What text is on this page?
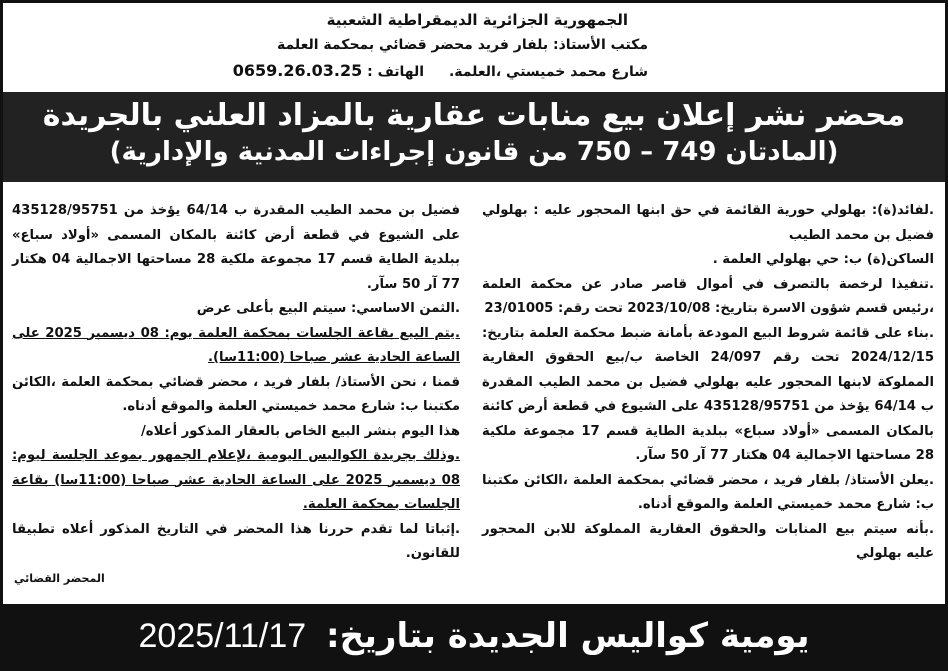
الجمهورية الجزائرية الديمقراطية الشعبية
مكتب الأستاذ: بلفار فريد محضر قضائي بمحكمة العلمة
شارع محمد خميستي ،العلمة. الهاتف : 0659.26.03.25
محضر نشر إعلان بيع منابات عقارية بالمزاد العلني بالجريدة
(المادتان 749 – 750 من قانون إجراءات المدنية والإدارية)

.لفائد(ة): بهلولي حورية القائمة في حق ابنها المحجور عليه : بهلولي فضيل بن محمد الطيب

الساكن(ة) ب: حي بهلولي العلمة .

.تنفيذا لرخصة بالتصرف في أموال قاصر صادر عن محكمة العلمة ،رئيس قسم شؤون الاسرة بتاريخ: 2023/10/08 تحت رقم: 23/01005

.بناء على قائمة شروط البيع المودعة بأمانة ضبط محكمة العلمة بتاريخ: 2024/12/15 تحت رقم 24/097 الخاصة ب/بيع الحقوق العقارية المملوكة لابنها المحجور عليه بهلولي فضيل بن محمد الطيب المقدرة ب 64/14 يؤخذ من 435128/95751 على الشيوع في قطعة أرض كائنة بالمكان المسمى «أولاد سباع» ببلدية الطاية قسم 17 مجموعة ملكية 28 مساحتها الاجمالية 04 هكتار 77 آر 50 سآر.

.يعلن الأستاذ/ بلفار فريد ، محضر قضائي بمحكمة العلمة ،الكائن مكتبنا ب: شارع محمد خميستي العلمة والموقع أدناه.

.بأنه سيتم بيع المنابات والحقوق العقارية المملوكة للابن المحجور عليه بهلولي

فضيل بن محمد الطيب المقدرة ب 64/14 يؤخذ من 435128/95751 على الشيوع في قطعة أرض كائنة بالمكان المسمى «أولاد سباع» ببلدية الطاية قسم 17 مجموعة ملكية 28 مساحتها الاجمالية 04 هكتار 77 آر 50 سآر.

.الثمن الاساسي: سيتم البيع بأعلى عرض

.يتم البيع بقاعة الجلسات بمحكمة العلمة يوم: 08 ديسمبر 2025 على الساعة الحادية عشر صباحا (11:00سا).

قمنا ، نحن الأستاذ/ بلفار فريد ، محضر قضائي بمحكمة العلمة ،الكائن مكتبنا ب: شارع محمد خميستي العلمة والموقع أدناه.

هذا اليوم بنشر البيع الخاص بالعقار المذكور أعلاه/

.وذلك بجريدة الكواليس اليومية ،لإعلام الجمهور بموعد الجلسة ليوم: 08 ديسمبر 2025 على الساعة الحادية عشر صباحا (11:00سا) بقاعة الجلسات بمحكمة العلمة.

.إثباتا لما تقدم حررنا هذا المحضر في التاريخ المذكور أعلاه تطبيقا للقانون.

المحضر القضائي

يومية كواليس الجديدة بتاريخ: 2025/11/17
